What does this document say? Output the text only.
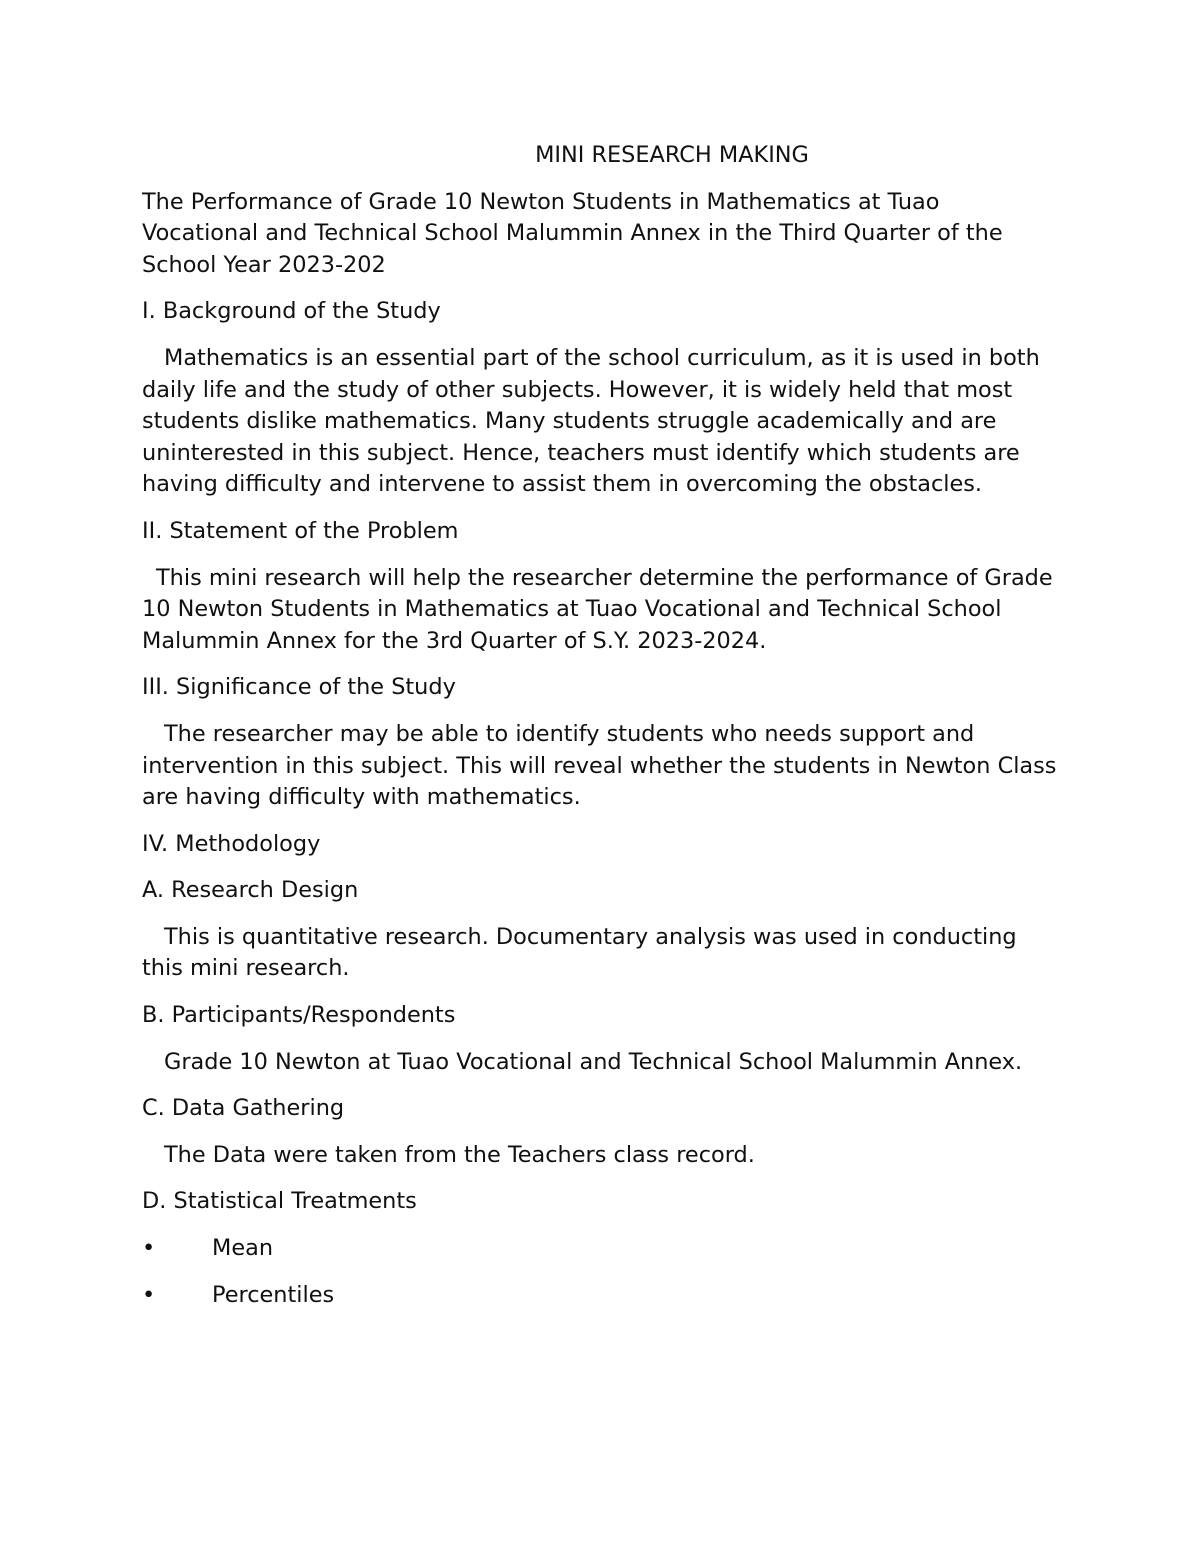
MINI RESEARCH MAKING

The Performance of Grade 10 Newton Students in Mathematics at Tuao Vocational and Technical School Malummin Annex in the Third Quarter of the School Year 2023-202

I. Background of the Study

Mathematics is an essential part of the school curriculum, as it is used in both daily life and the study of other subjects. However, it is widely held that most students dislike mathematics. Many students struggle academically and are uninterested in this subject. Hence, teachers must identify which students are having difficulty and intervene to assist them in overcoming the obstacles.

II. Statement of the Problem

This mini research will help the researcher determine the performance of Grade 10 Newton Students in Mathematics at Tuao Vocational and Technical School Malummin Annex for the 3rd Quarter of S.Y. 2023-2024.

III. Significance of the Study

The researcher may be able to identify students who needs support and intervention in this subject. This will reveal whether the students in Newton Class are having difficulty with mathematics.

IV. Methodology

A. Research Design

This is quantitative research. Documentary analysis was used in conducting this mini research.

B. Participants/Respondents

Grade 10 Newton at Tuao Vocational and Technical School Malummin Annex.

C. Data Gathering

The Data were taken from the Teachers class record.

D. Statistical Treatments

•	Mean
•	Percentiles
